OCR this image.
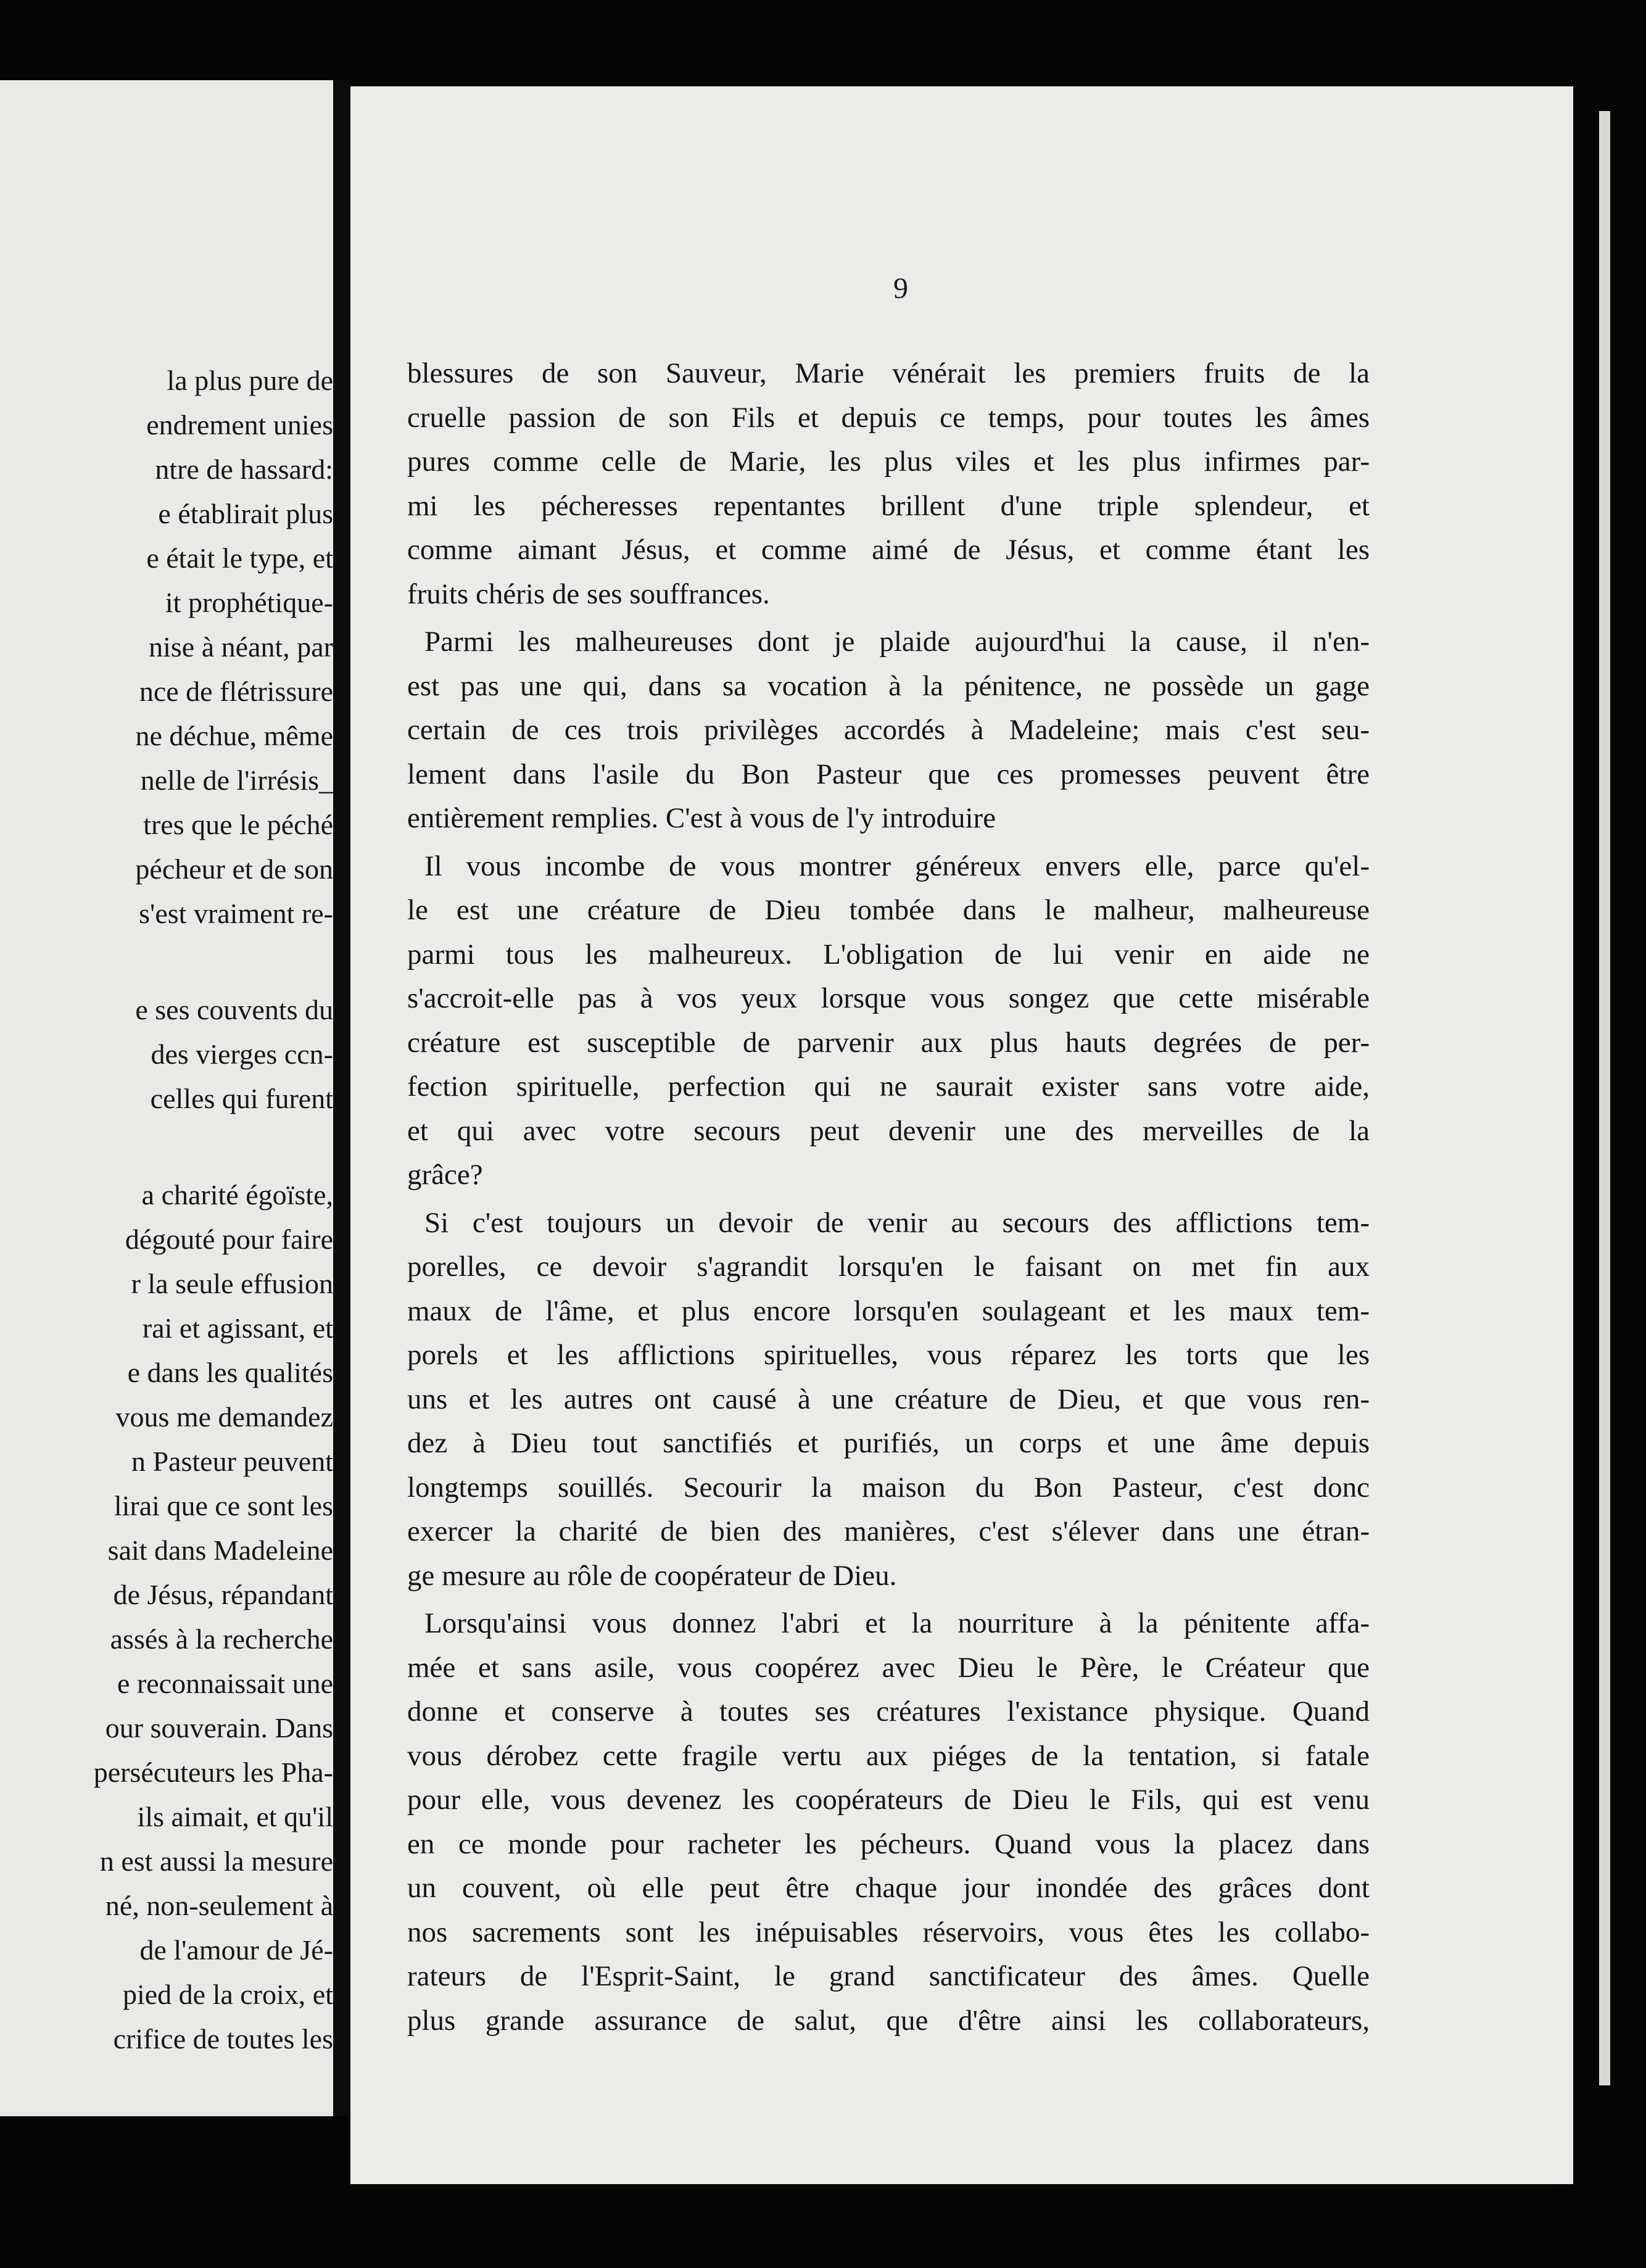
la plus pure de
endrement unies
ntre de hassard:
e établirait plus
e était le type, et
it prophétique-
nise à néant, par
nce de flétrissure
ne déchue, même
nelle de l'irrésis_
tres que le péché
pécheur et de son
s'est vraiment re-
e ses couvents du
des vierges ccn-
celles qui furent
a charité égoïste,
dégouté pour faire
r la seule effusion
rai et agissant, et
e dans les qualités
vous me demandez
n Pasteur peuvent
lirai que ce sont les
sait dans Madeleine
de Jésus, répandant
assés à la recherche
e reconnaissait une
our souverain. Dans
persécuteurs les Pha-
ils aimait, et qu'il
n est aussi la mesure
né, non-seulement à
de l'amour de Jé-
pied de la croix, et
crifice de toutes les
9
blessures de son Sauveur, Marie vénérait les premiers fruits de la
cruelle passion de son Fils et depuis ce temps, pour toutes les âmes
pures comme celle de Marie, les plus viles et les plus infirmes par-
mi les pécheresses repentantes brillent d'une triple splendeur, et
comme aimant Jésus, et comme aimé de Jésus, et comme étant les
fruits chéris de ses souffrances.
Parmi les malheureuses dont je plaide aujourd'hui la cause, il n'en-
est pas une qui, dans sa vocation à la pénitence, ne possède un gage
certain de ces trois privilèges accordés à Madeleine; mais c'est seu-
lement dans l'asile du Bon Pasteur que ces promesses peuvent être
entièrement remplies. C'est à vous de l'y introduire
Il vous incombe de vous montrer généreux envers elle, parce qu'el-
le est une créature de Dieu tombée dans le malheur, malheureuse
parmi tous les malheureux. L'obligation de lui venir en aide ne
s'accroit-elle pas à vos yeux lorsque vous songez que cette misérable
créature est susceptible de parvenir aux plus hauts degrées de per-
fection spirituelle, perfection qui ne saurait exister sans votre aide,
et qui avec votre secours peut devenir une des merveilles de la
grâce?
Si c'est toujours un devoir de venir au secours des afflictions tem-
porelles, ce devoir s'agrandit lorsqu'en le faisant on met fin aux
maux de l'âme, et plus encore lorsqu'en soulageant et les maux tem-
porels et les afflictions spirituelles, vous réparez les torts que les
uns et les autres ont causé à une créature de Dieu, et que vous ren-
dez à Dieu tout sanctifiés et purifiés, un corps et une âme depuis
longtemps souillés. Secourir la maison du Bon Pasteur, c'est donc
exercer la charité de bien des manières, c'est s'élever dans une étran-
ge mesure au rôle de coopérateur de Dieu.
Lorsqu'ainsi vous donnez l'abri et la nourriture à la pénitente affa-
mée et sans asile, vous coopérez avec Dieu le Père, le Créateur que
donne et conserve à toutes ses créatures l'existance physique. Quand
vous dérobez cette fragile vertu aux piéges de la tentation, si fatale
pour elle, vous devenez les coopérateurs de Dieu le Fils, qui est venu
en ce monde pour racheter les pécheurs. Quand vous la placez dans
un couvent, où elle peut être chaque jour inondée des grâces dont
nos sacrements sont les inépuisables réservoirs, vous êtes les collabo-
rateurs de l'Esprit-Saint, le grand sanctificateur des âmes. Quelle
plus grande assurance de salut, que d'être ainsi les collaborateurs,
